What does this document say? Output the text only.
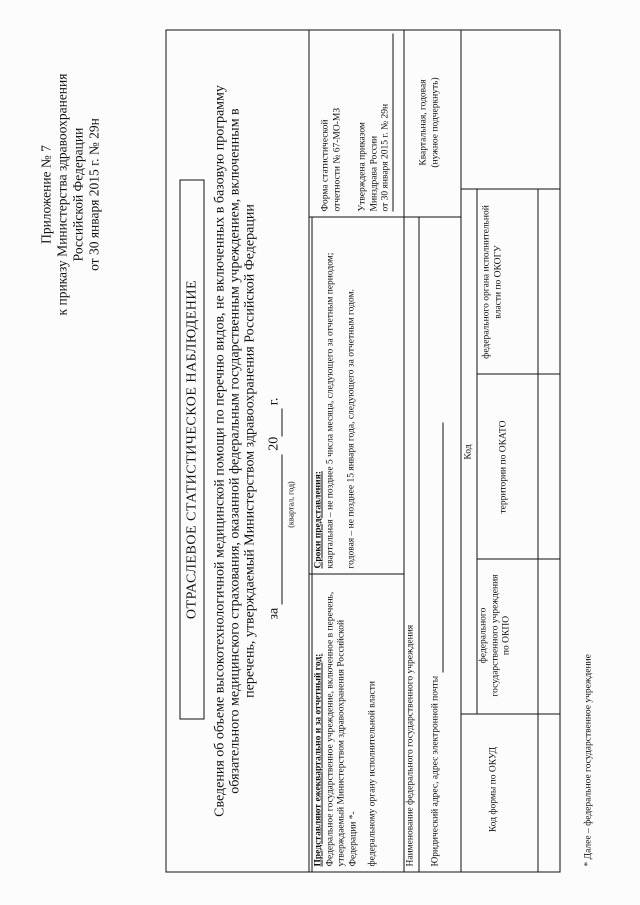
Приложение № 7 к приказу Министерства здравоохранения Российской Федерации от 30 января 2015 г. № 29н
ОТРАСЛЕВОЕ СТАТИСТИЧЕСКОЕ НАБЛЮДЕНИЕ Сведения об объеме высокотехнологичной медицинской помощи по перечню видов, не включенных в базовую программу обязательного медицинского страхования, оказанной федеральным государственным учреждением, включенным в перечень, утверждаемый Министерством здравоохранения Российской Федерации за   20  г.
(квартал, год)
Представляют ежеквартально и за отчетный год: Федеральное государственное учреждение, включенное в перечень, утверждаемый Министерством здравоохранения Российской Федерации *- федеральному органу исполнительной власти
Сроки представления: квартальная – не позднее 5 числа месяца, следующего за отчетным периодом; годовая – не позднее 15 января года, следующего за отчетным годом.
Форма статистической отчетности № 67-МО-МЗ Утверждена приказом Минздрава России от 30 января 2015 г. № 29н	Квартальная, годовая (нужное подчеркнуть)
Наименование федерального государственного учреждения Юридический адрес, адрес электронной почты
Код
Код формы по ОКУД
федерального государственного учреждения по ОКПО
территории по ОКАТО
федерального органа исполнительной власти по ОКОГУ
* Далее – федеральное государственное учреждение
